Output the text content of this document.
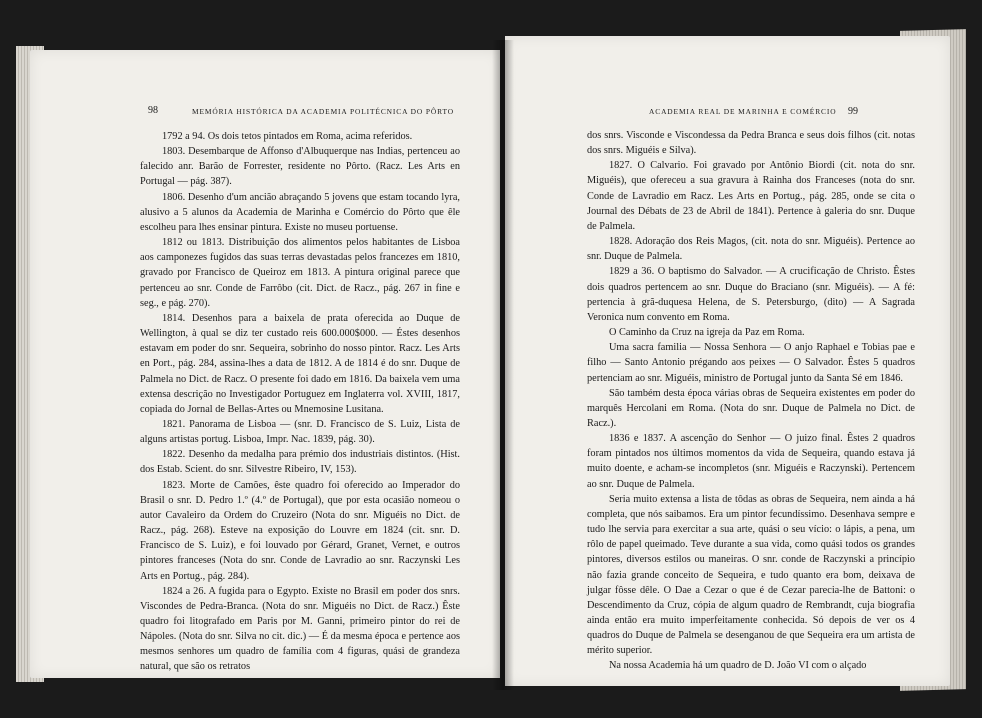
98	MEMÓRIA HISTÓRICA DA ACADEMIA POLITÉCNICA DO PÔRTO

1792 a 94. Os dois tetos pintados em Roma, acima referidos.

1803. Desembarque de Affonso d'Albuquerque nas Indias, pertenceu ao falecido anr. Barão de Forrester, residente no Pôrto. (Racz. Les Arts en Portugal — pág. 387).

1806. Desenho d'um ancião abraçando 5 jovens que estam tocando lyra, alusivo a 5 alunos da Academia de Marinha e Comércio do Pôrto que êle escolheu para lhes ensinar pintura. Existe no museu portuense.

1812 ou 1813. Distribuição dos alimentos pelos habitantes de Lisboa aos camponezes fugidos das suas terras devastadas pelos francezes em 1810, gravado por Francisco de Queiroz em 1813. A pintura original parece que pertenceu ao snr. Conde de Farrôbo (cit. Dict. de Racz., pág. 267 in fine e seg., e pág. 270).

1814. Desenhos para a baixela de prata oferecida ao Duque de Wellington, à qual se diz ter custado reis 600.000$000. — Éstes desenhos estavam em poder do snr. Sequeira, sobrinho do nosso pintor. Racz. Les Arts en Port., pág. 284, assina-lhes a data de 1812. A de 1814 é do snr. Duque de Palmela no Dict. de Racz. O presente foi dado em 1816. Da baixela vem uma extensa descrição no Investigador Portuguez em Inglaterra vol. XVIII, 1817, copiada do Jornal de Bellas-Artes ou Mnemosine Lusitana.

1821. Panorama de Lisboa — (snr. D. Francisco de S. Luiz, Lista de alguns artistas portug. Lisboa, Impr. Nac. 1839, pág. 30).

1822. Desenho da medalha para prémio dos industriais distintos. (Hist. dos Estab. Scient. do snr. Silvestre Ribeiro, IV, 153).

1823. Morte de Camões, êste quadro foi oferecido ao Imperador do Brasil o snr. D. Pedro 1.º (4.º de Portugal), que por esta ocasião nomeou o autor Cavaleiro da Ordem do Cruzeiro (Nota do snr. Miguéis no Dict. de Racz., pág. 268). Esteve na exposição do Louvre em 1824 (cit. snr. D. Francisco de S. Luiz), e foi louvado por Gérard, Granet, Vernet, e outros pintores franceses (Nota do snr. Conde de Lavradio ao snr. Raczynski Les Arts en Portug., pág. 284).

1824 a 26. A fugida para o Egypto. Existe no Brasil em poder dos snrs. Viscondes de Pedra-Branca. (Nota do snr. Miguéis no Dict. de Racz.) Êste quadro foi litografado em Paris por M. Ganni, primeiro pintor do rei de Nápoles. (Nota do snr. Silva no cit. dic.) — É da mesma época e pertence aos mesmos senhores um quadro de família com 4 figuras, quási de grandeza natural, que são os retratos

ACADEMIA REAL DE MARINHA E COMÉRCIO 99

dos snrs. Visconde e Viscondessa da Pedra Branca e seus dois filhos (cit. notas dos snrs. Miguéis e Silva).

1827. O Calvario. Foi gravado por Antônio Biordi (cit. nota do snr. Miguéis), que ofereceu a sua gravura à Rainha dos Franceses (nota do snr. Conde de Lavradio em Racz. Les Arts en Portug., pág. 285, onde se cita o Journal des Débats de 23 de Abril de 1841). Pertence à galeria do snr. Duque de Palmela.

1828. Adoração dos Reis Magos, (cit. nota do snr. Miguéis). Pertence ao snr. Duque de Palmela.

1829 a 36. O baptismo do Salvador. — A crucificação de Christo. Êstes dois quadros pertencem ao snr. Duque do Bracianо (snr. Miguéis). — A fé: pertencia à grã-duquesa Helena, de S. Petersburgo, (dito) — A Sagrada Veronica num convento em Roma.

O Caminho da Cruz na igreja da Paz em Roma.

Uma sacra familia — Nossa Senhora — O anjo Raphael e Tobias pae e filho — Santo Antonio prégando aos peixes — O Salvador. Êstes 5 quadros pertenciam ao snr. Miguéis, ministro de Portugal junto da Santa Sé em 1846.

São também desta época várias obras de Sequeira existentes em poder do marquês Hercolani em Roma. (Nota do snr. Duque de Palmela no Dict. de Racz.).

1836 e 1837. A ascenção do Senhor — O juizo final. Êstes 2 quadros foram pintados nos últimos momentos da vida de Sequeira, quando estava já muito doente, e acham-se incompletos (snr. Miguéis e Raczynski). Pertencem ao snr. Duque de Palmela.

Seria muito extensa a lista de tôdas as obras de Sequeira, nem ainda a há completa, que nós saibamos. Era um pintor fecundíssimo. Desenhava sempre e tudo lhe servia para exercitar a sua arte, quási o seu vício: o lápis, a pena, um rôlo de papel queimado. Teve durante a sua vida, como quási todos os grandes pintores, diversos estilos ou maneiras. O snr. conde de Raczynski a princípio não fazia grande conceito de Sequeira, e tudo quanto era bom, deixava de julgar fôsse dêle. O Dae a Cezar o que é de Cezar parecia-lhe de Battoni: o Descendimento da Cruz, cópia de algum quadro de Rembrandt, cuja biografia ainda então era muito imperfeitamente conhecida. Só depois de ver os 4 quadros do Duque de Palmela se desenganou de que Sequeira era um artista de mérito superior.

Na nossa Academia há um quadro de D. João VI com o alçado
